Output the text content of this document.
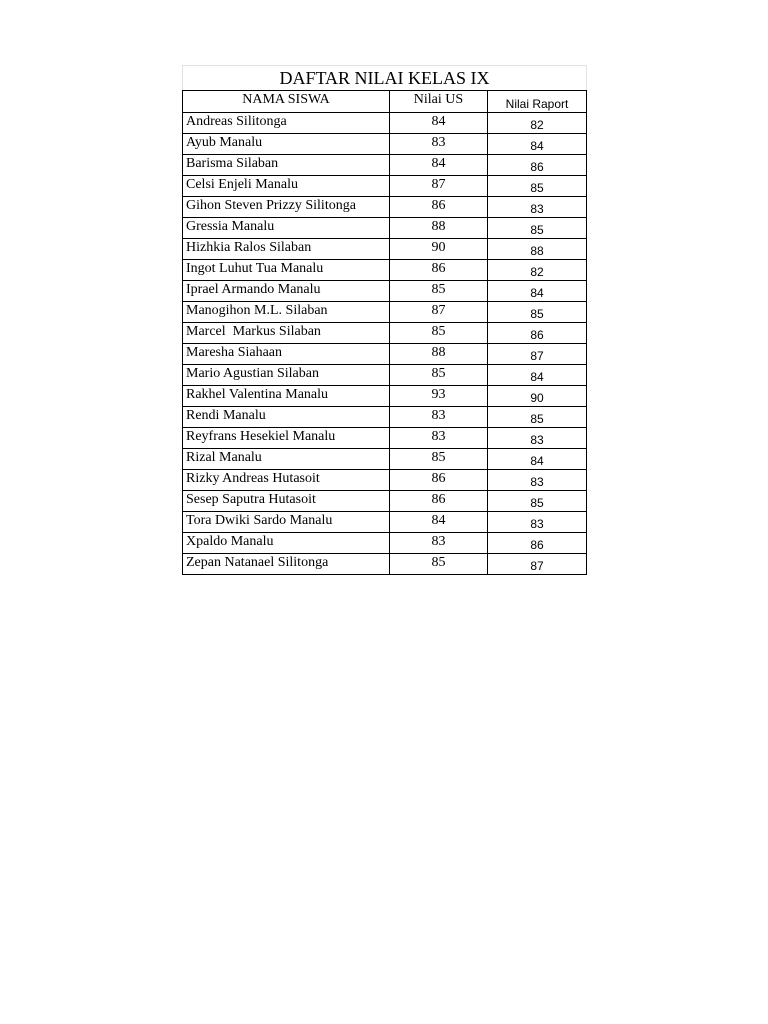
DAFTAR NILAI KELAS IX		
NAMA SISWA	Nilai US	Nilai Raport
Andreas Silitonga	84	82
Ayub Manalu	83	84
Barisma Silaban	84	86
Celsi Enjeli Manalu	87	85
Gihon Steven Prizzy Silitonga	86	83
Gressia Manalu	88	85
Hizhkia Ralos Silaban	90	88
Ingot Luhut Tua Manalu	86	82
Iprael Armando Manalu	85	84
Manogihon M.L. Silaban	87	85
Marcel  Markus Silaban	85	86
Maresha Siahaan	88	87
Mario Agustian Silaban	85	84
Rakhel Valentina Manalu	93	90
Rendi Manalu	83	85
Reyfrans Hesekiel Manalu	83	83
Rizal Manalu	85	84
Rizky Andreas Hutasoit	86	83
Sesep Saputra Hutasoit	86	85
Tora Dwiki Sardo Manalu	84	83
Xpaldo Manalu	83	86
Zepan Natanael Silitonga	85	87
